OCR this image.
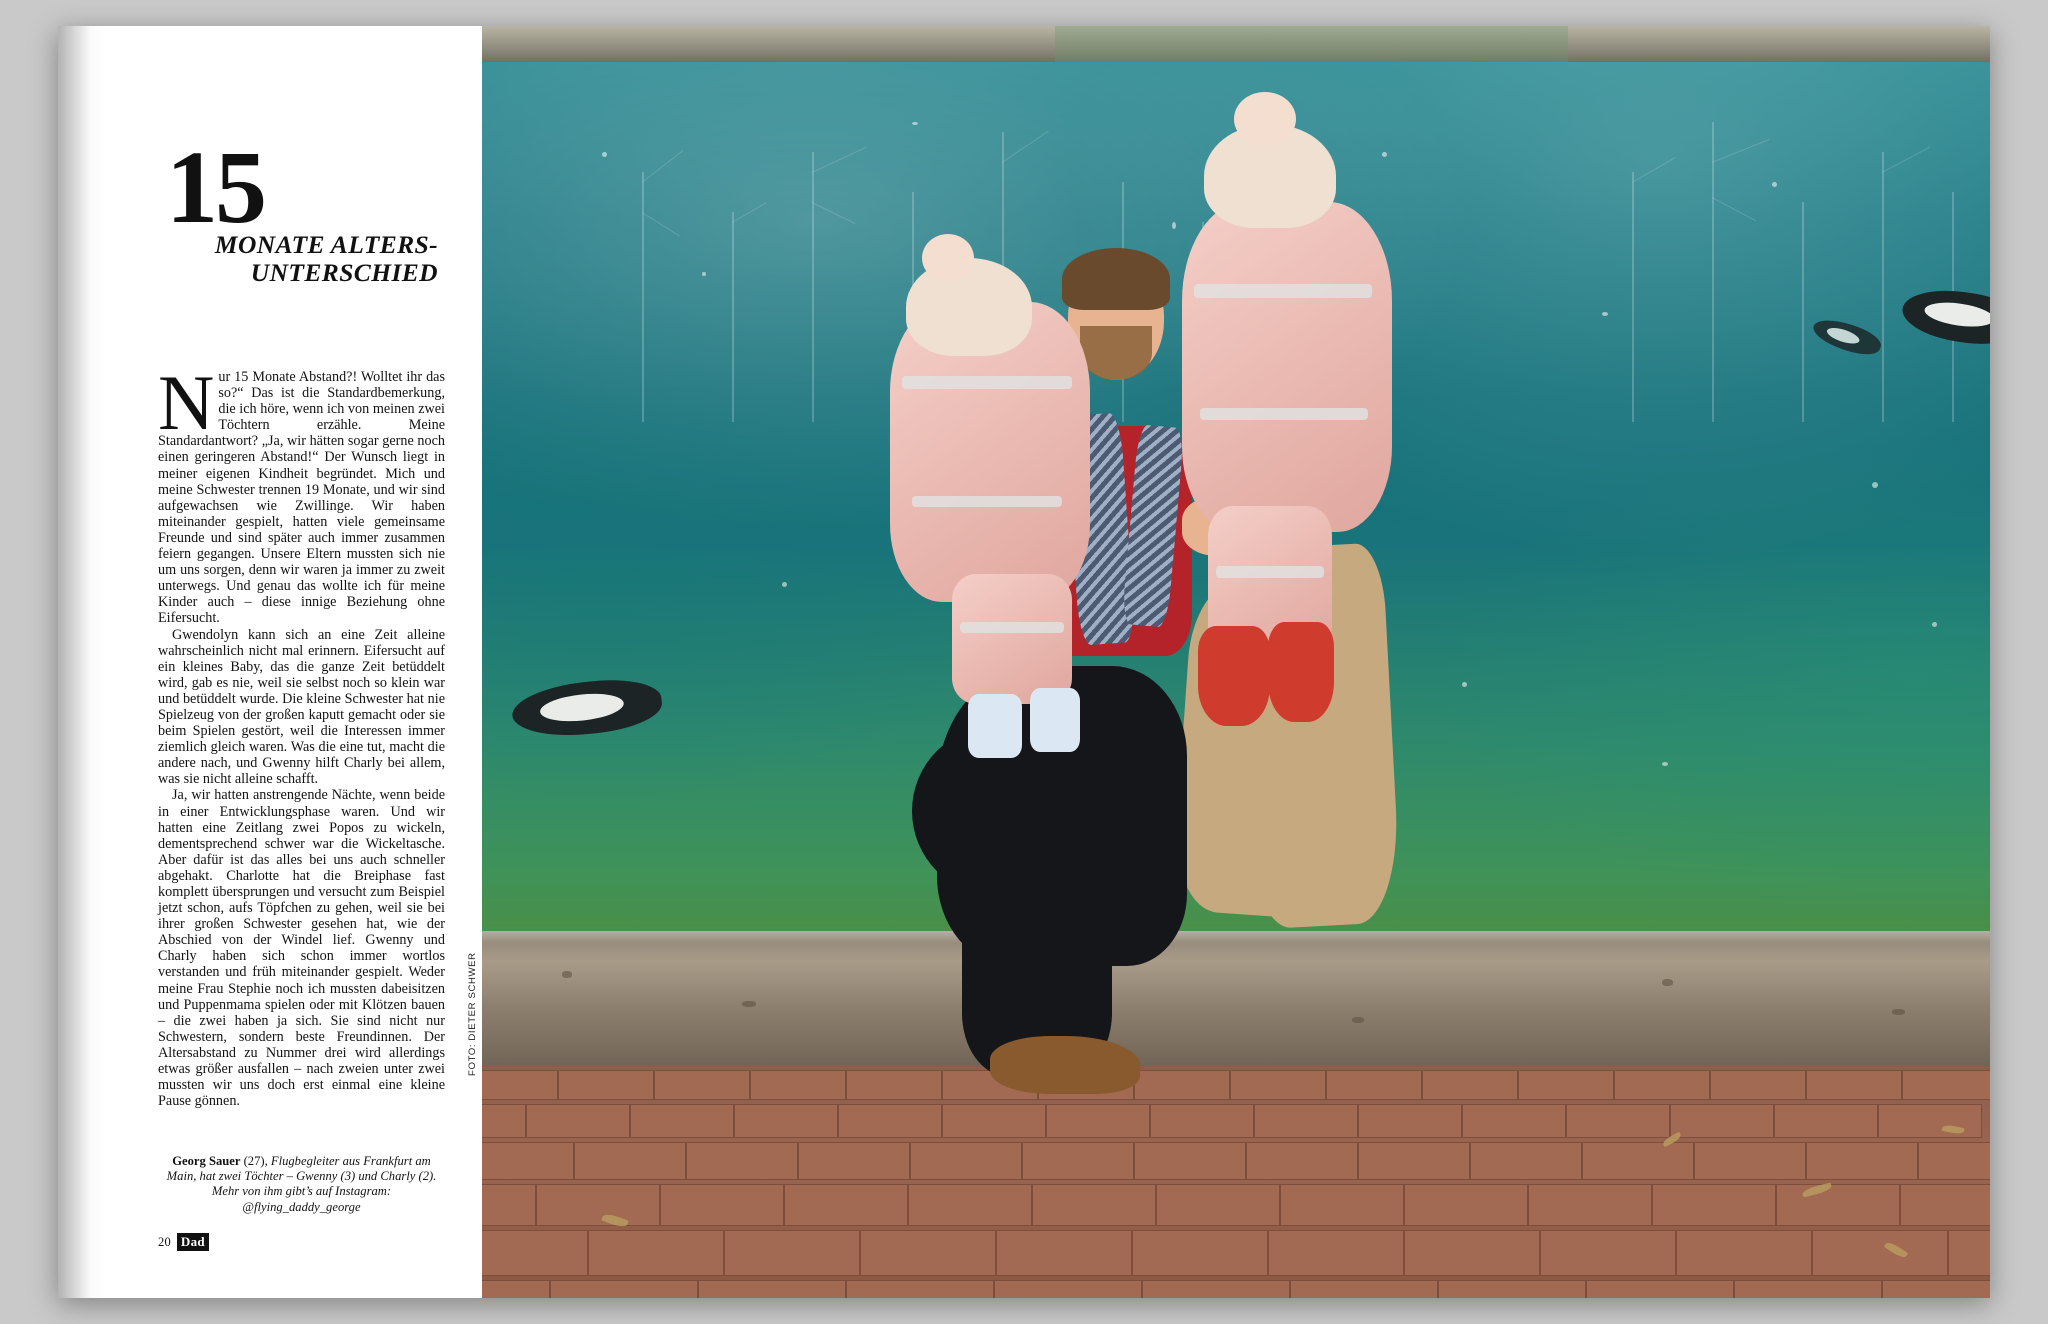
15
MONATE ALTERS-
UNTERSCHIED

Nur 15 Monate Abstand?! Wolltet ihr das so?“ Das ist die Standardbemerkung, die ich höre, wenn ich von meinen zwei Töchtern erzähle. Meine Standardantwort? „Ja, wir hätten sogar gerne noch einen geringeren Abstand!“ Der Wunsch liegt in meiner eigenen Kindheit begründet. Mich und meine Schwester trennen 19 Monate, und wir sind aufgewachsen wie Zwillinge. Wir haben miteinander gespielt, hatten viele gemeinsame Freunde und sind später auch immer zusammen feiern gegangen. Unsere Eltern mussten sich nie um uns sorgen, denn wir waren ja immer zu zweit unterwegs. Und genau das wollte ich für meine Kinder auch – diese innige Beziehung ohne Eifersucht.

Gwendolyn kann sich an eine Zeit alleine wahrscheinlich nicht mal erinnern. Eifersucht auf ein kleines Baby, das die ganze Zeit betüddelt wird, gab es nie, weil sie selbst noch so klein war und betüddelt wurde. Die kleine Schwester hat nie Spielzeug von der großen kaputt gemacht oder sie beim Spielen gestört, weil die Interessen immer ziemlich gleich waren. Was die eine tut, macht die andere nach, und Gwenny hilft Charly bei allem, was sie nicht alleine schafft.

Ja, wir hatten anstrengende Nächte, wenn beide in einer Entwicklungsphase waren. Und wir hatten eine Zeitlang zwei Popos zu wickeln, dementsprechend schwer war die Wickeltasche. Aber dafür ist das alles bei uns auch schneller abgehakt. Charlotte hat die Breiphase fast komplett übersprungen und versucht zum Beispiel jetzt schon, aufs Töpfchen zu gehen, weil sie bei ihrer großen Schwester gesehen hat, wie der Abschied von der Windel lief. Gwenny und Charly haben sich schon immer wortlos verstanden und früh miteinander gespielt. Weder meine Frau Stephie noch ich mussten dabeisitzen und Puppenmama spielen oder mit Klötzen bauen – die zwei haben ja sich. Sie sind nicht nur Schwestern, sondern beste Freundinnen. Der Altersabstand zu Nummer drei wird allerdings etwas größer ausfallen – nach zweien unter zwei mussten wir uns doch erst einmal eine kleine Pause gönnen.

Georg Sauer (27), Flugbegleiter aus Frankfurt am Main, hat zwei Töchter – Gwenny (3) und Charly (2). Mehr von ihm gibt’s auf Instagram: @flying_daddy_george
20 Dad
FOTO: DIETER SCHWER
